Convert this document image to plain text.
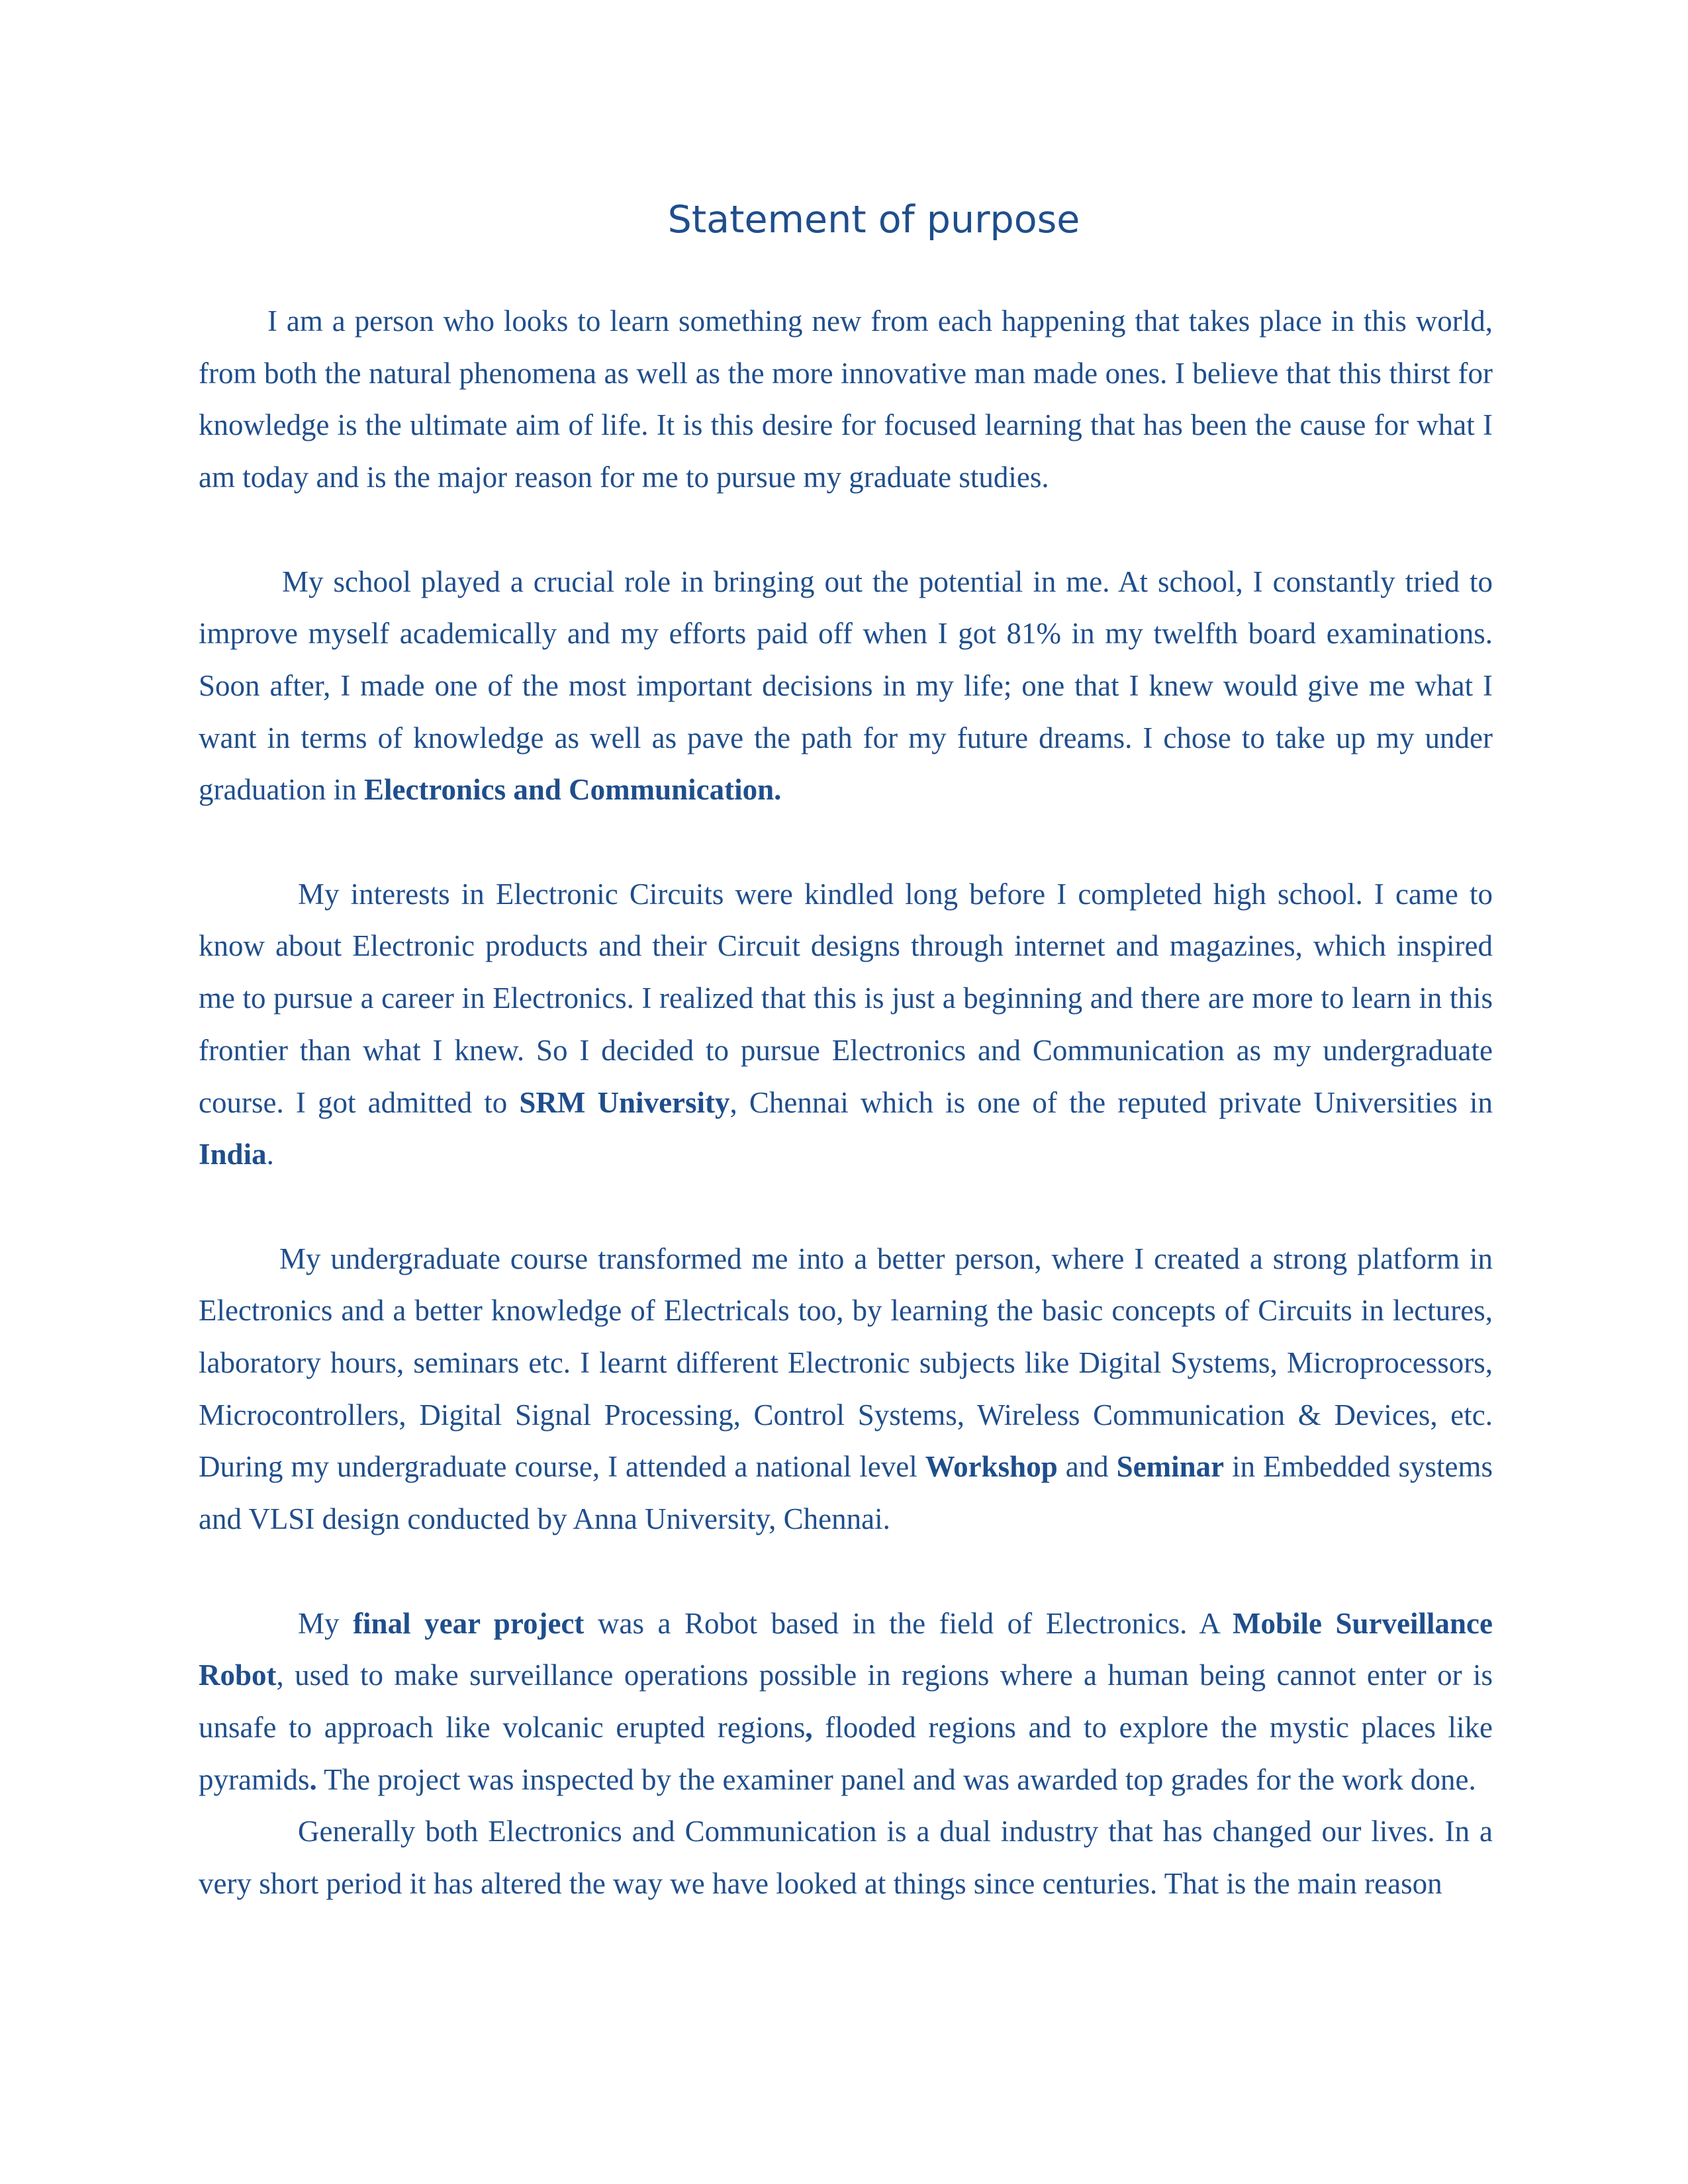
Statement of purpose

I am a person who looks to learn something new from each happening that takes place in this world, from both the natural phenomena as well as the more innovative man made ones. I believe that this thirst for knowledge is the ultimate aim of life. It is this desire for focused learning that has been the cause for what I am today and is the major reason for me to pursue my graduate studies.

My school played a crucial role in bringing out the potential in me. At school, I constantly tried to improve myself academically and my efforts paid off when I got 81% in my twelfth board examinations. Soon after, I made one of the most important decisions in my life; one that I knew would give me what I want in terms of knowledge as well as pave the path for my future dreams. I chose to take up my under graduation in Electronics and Communication.

My interests in Electronic Circuits were kindled long before I completed high school. I came to know about Electronic products and their Circuit designs through internet and magazines, which inspired me to pursue a career in Electronics. I realized that this is just a beginning and there are more to learn in this frontier than what I knew. So I decided to pursue Electronics and Communication as my undergraduate course. I got admitted to SRM University, Chennai which is one of the reputed private Universities in India.

My undergraduate course transformed me into a better person, where I created a strong platform in Electronics and a better knowledge of Electricals too, by learning the basic concepts of Circuits in lectures, laboratory hours, seminars etc. I learnt different Electronic subjects like Digital Systems, Microprocessors, Microcontrollers, Digital Signal Processing, Control Systems, Wireless Communication & Devices, etc. During my undergraduate course, I attended a national level Workshop and Seminar in Embedded systems and VLSI design conducted by Anna University, Chennai.

My final year project was a Robot based in the field of Electronics. A Mobile Surveillance Robot, used to make surveillance operations possible in regions where a human being cannot enter or is unsafe to approach like volcanic erupted regions, flooded regions and to explore the mystic places like pyramids. The project was inspected by the examiner panel and was awarded top grades for the work done.

Generally both Electronics and Communication is a dual industry that has changed our lives. In a very short period it has altered the way we have looked at things since centuries. That is the main reason
